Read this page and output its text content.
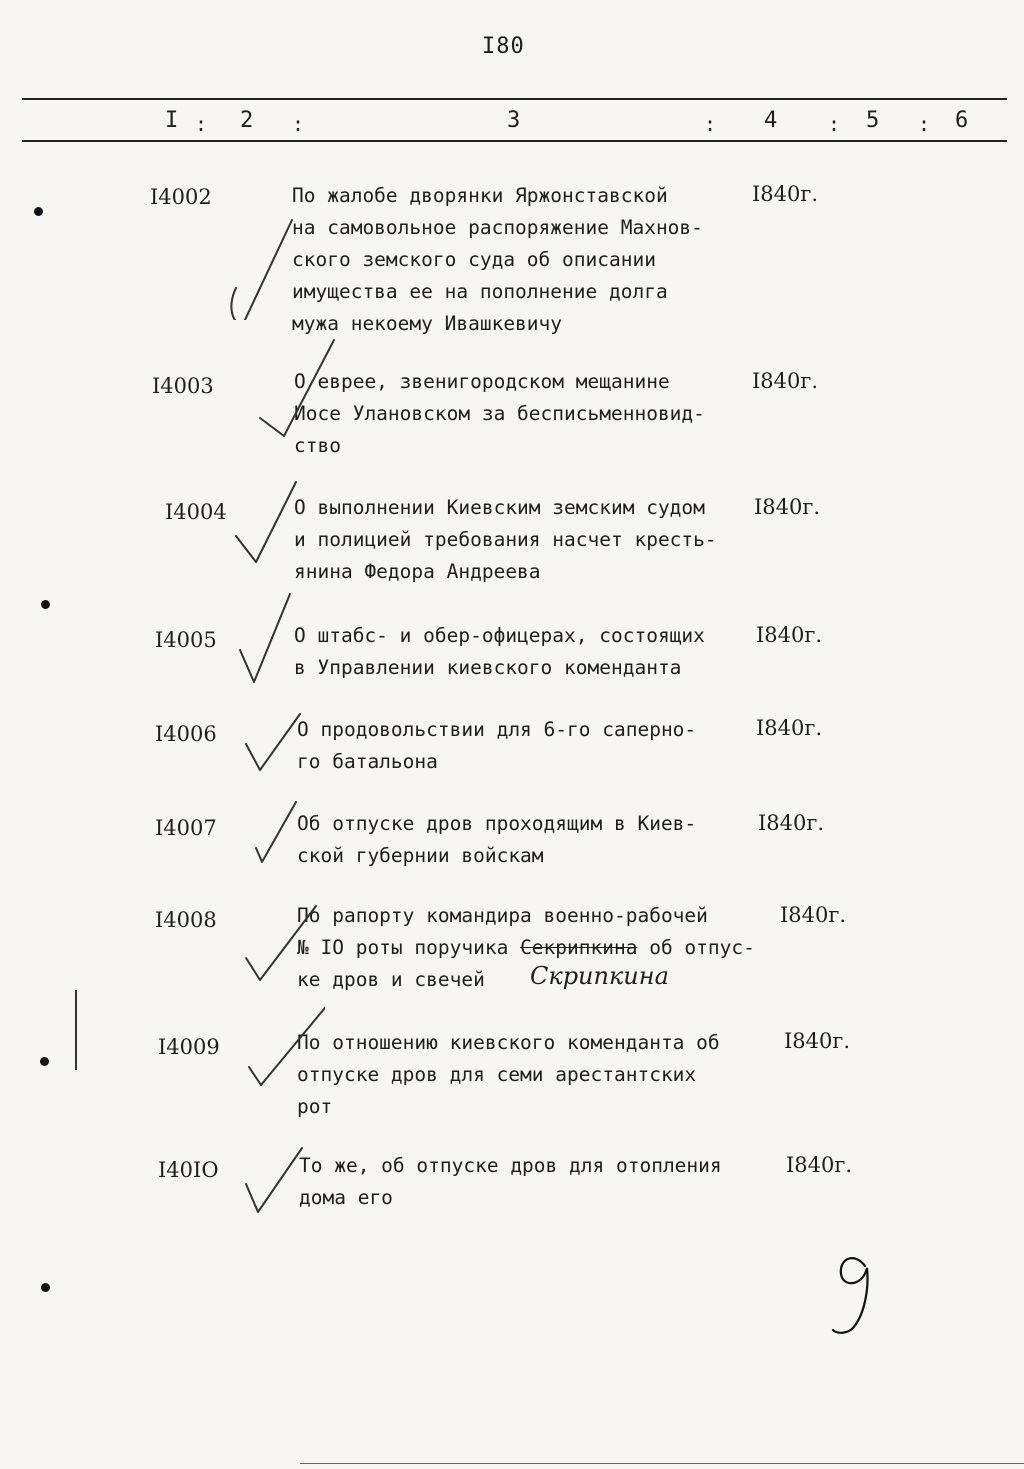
I80
I : 2 :	3	: 4	: 5 : 6
I4002	По жалобе дворянки Яржонставской
на самовольное распоряжение Махнов-
ского земского суда об описании
имущества ее на пополнение долга
мужа некоему Ивашкевичу
I840г.
I4003	О евреe, звенигородском мещанине
Иосе Улановском за бесписьменновид-
ство
I840г.
I4004	О выполнении Киевским земским судом
и полицией требования насчет кресть-
янина Федора Андреева
I840г.
I4005	О штабс- и обер-офицерах, состоящих
в Управлении киевского коменданта
I840г.
I4006	О продовольствии для 6-го саперно-
го батальона
I840г.
I4007	Об отпуске дров проходящим в Киев-
ской губернии войскам
I840г.
I4008	По рапорту командира военно-рабочей
№ IО роты поручика Секрипкина об отпус-
ке дров и свечей	Скрипкина
I840г.
I4009	По отношению киевского коменданта об
отпуске дров для семи арестантских
рот
I840г.
I40IО	То же, об отпуске дров для отопления
дома его
I840г.
